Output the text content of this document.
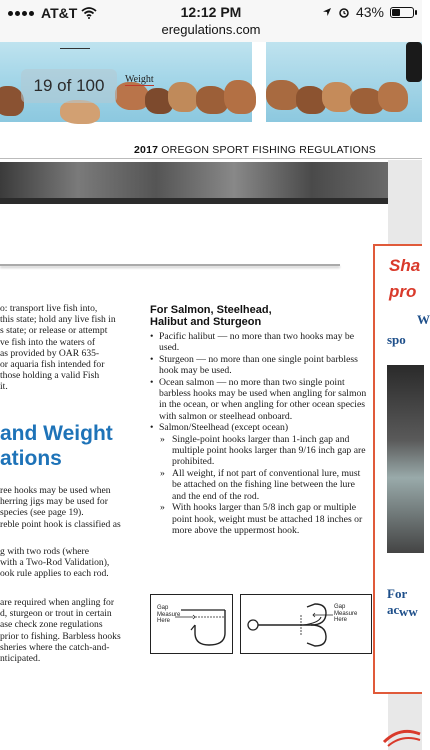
AT&T	12:12 PM	43%
eregulations.com
19 of 100	Weight
2017 OREGON SPORT FISHING REGULATIONS
o: transport live fish into,
this state; hold any live fish in
s state; or release or attempt
ve fish into the waters of
as provided by OAR 635-
or aquaria fish intended for
those holding a valid Fish
it.
and Weight
ations
ree hooks may be used when
herring jigs may be used for
species (see page 19).
reble point hook is classified as
g with two rods (where
with a Two-Rod Validation),
ook rule applies to each rod.
are required when angling for
d, sturgeon or trout in certain
ase check zone regulations
prior to fishing. Barbless hooks
sheries where the catch-and-
nticipated.
For Salmon, Steelhead,
Halibut and Sturgeon
• Pacific halibut — no more than two hooks may be used.
• Sturgeon — no more than one single point barbless hook may be used.
• Ocean salmon — no more than two single point barbless hooks may be used when angling for salmon in the ocean, or when angling for other ocean species with salmon or steelhead onboard.
• Salmon/Steelhead (except ocean)
» Single-point hooks larger than 1-inch gap and multiple point hooks larger than 9/16 inch gap are prohibited.
» All weight, if not part of conventional lure, must be attached on the fishing line between the lure and the end of the rod.
» With hooks larger than 5/8 inch gap or multiple point hook, weight must be attached 18 inches or more above the uppermost hook.
Gap
Measure
Here
Gap
Measure
Here
Sha
pro
W
spo
For ac ww
